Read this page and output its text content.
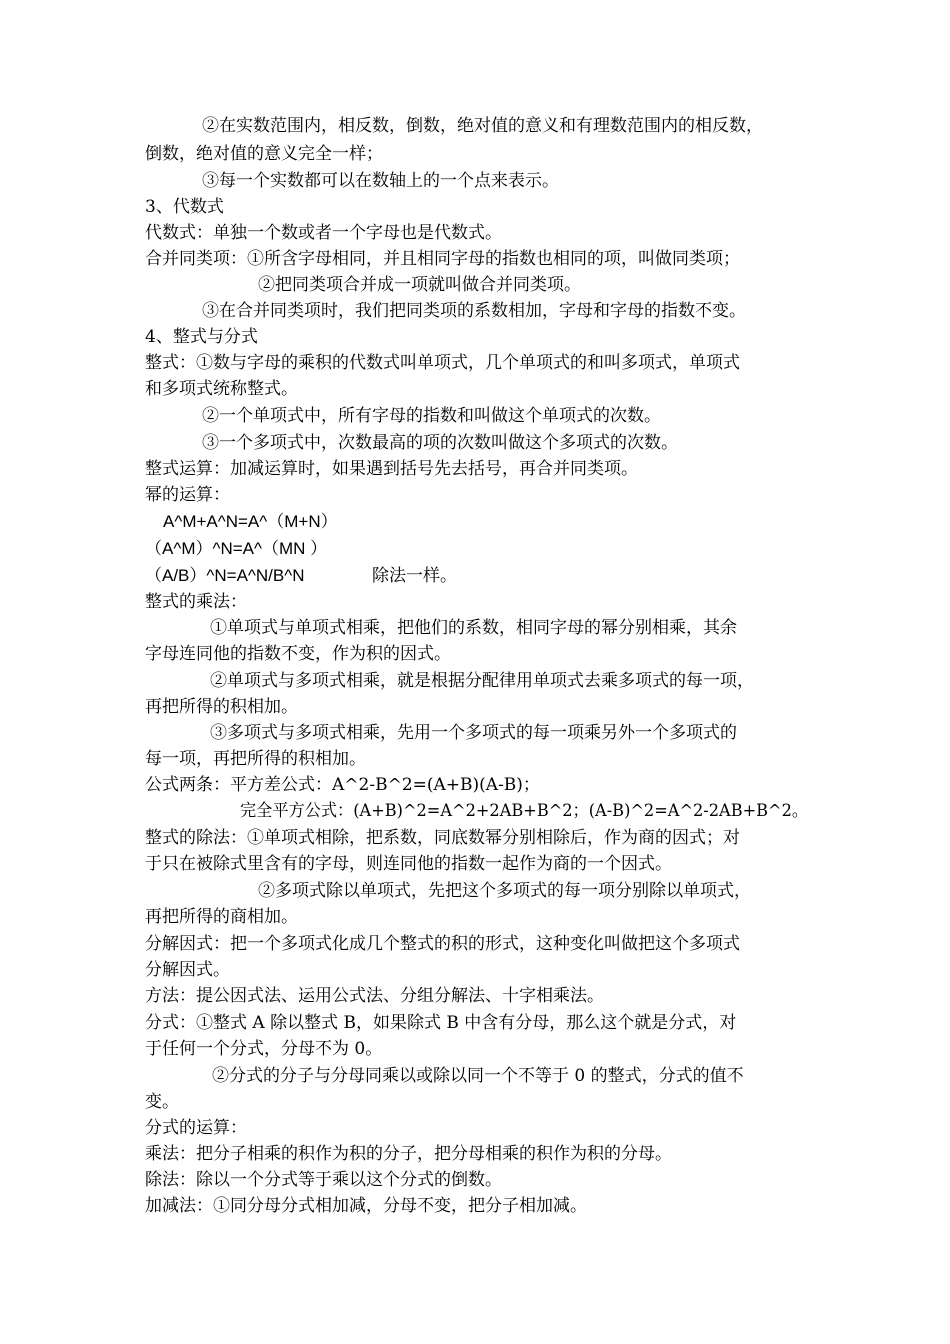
②在实数范围内，相反数，倒数，绝对值的意义和有理数范围内的相反数，
倒数，绝对值的意义完全一样；
③每一个实数都可以在数轴上的一个点来表示。
3、代数式
代数式：单独一个数或者一个字母也是代数式。
合并同类项：①所含字母相同，并且相同字母的指数也相同的项，叫做同类项；
②把同类项合并成一项就叫做合并同类项。
③在合并同类项时，我们把同类项的系数相加，字母和字母的指数不变。
4、整式与分式
整式：①数与字母的乘积的代数式叫单项式，几个单项式的和叫多项式，单项式
和多项式统称整式。
②一个单项式中，所有字母的指数和叫做这个单项式的次数。
③一个多项式中，次数最高的项的次数叫做这个多项式的次数。
整式运算：加减运算时，如果遇到括号先去括号，再合并同类项。
幂的运算：
A^M+A^N=A^（M+N）
（A^M）^N=A^（MN ）
（A/B）^N=A^N/B^N	除法一样。
整式的乘法：
①单项式与单项式相乘，把他们的系数，相同字母的幂分别相乘，其余
字母连同他的指数不变，作为积的因式。
②单项式与多项式相乘，就是根据分配律用单项式去乘多项式的每一项，
再把所得的积相加。
③多项式与多项式相乘，先用一个多项式的每一项乘另外一个多项式的
每一项，再把所得的积相加。
公式两条：平方差公式：A^2-B^2=(A+B)(A-B)；
完全平方公式：(A+B)^2=A^2+2AB+B^2；(A-B)^2=A^2-2AB+B^2。
整式的除法：①单项式相除，把系数，同底数幂分别相除后，作为商的因式；对
于只在被除式里含有的字母，则连同他的指数一起作为商的一个因式。
②多项式除以单项式，先把这个多项式的每一项分别除以单项式，
再把所得的商相加。
分解因式：把一个多项式化成几个整式的积的形式，这种变化叫做把这个多项式
分解因式。
方法：提公因式法、运用公式法、分组分解法、十字相乘法。
分式：①整式 A 除以整式 B，如果除式 B 中含有分母，那么这个就是分式，对
于任何一个分式，分母不为 0。
②分式的分子与分母同乘以或除以同一个不等于 0 的整式，分式的值不
变。
分式的运算：
乘法：把分子相乘的积作为积的分子，把分母相乘的积作为积的分母。
除法：除以一个分式等于乘以这个分式的倒数。
加减法：①同分母分式相加减，分母不变，把分子相加减。
